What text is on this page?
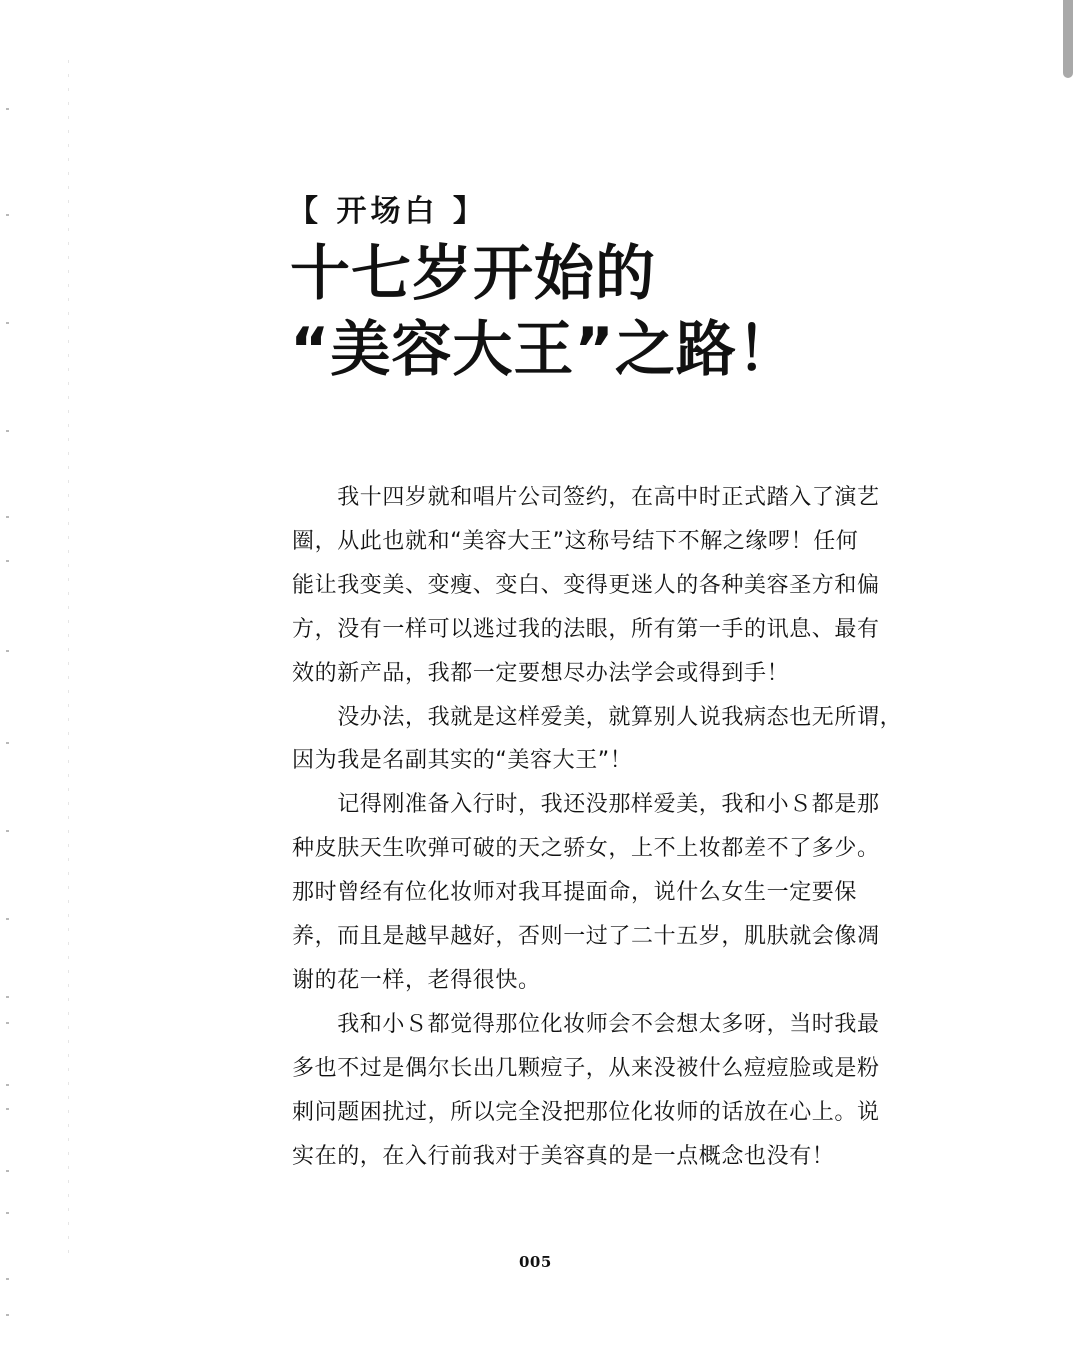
【 开场白 】
十七岁开始的
“美容大王”之路！
　　我十四岁就和唱片公司签约，在高中时正式踏入了演艺
圈，从此也就和“美容大王”这称号结下不解之缘啰！任何
能让我变美、变瘦、变白、变得更迷人的各种美容圣方和偏
方，没有一样可以逃过我的法眼，所有第一手的讯息、最有
效的新产品，我都一定要想尽办法学会或得到手！
　　没办法，我就是这样爱美，就算别人说我病态也无所谓，
因为我是名副其实的“美容大王”！
　　记得刚准备入行时，我还没那样爱美，我和小Ｓ都是那
种皮肤天生吹弹可破的天之骄女，上不上妆都差不了多少。
那时曾经有位化妆师对我耳提面命，说什么女生一定要保
养，而且是越早越好，否则一过了二十五岁，肌肤就会像凋
谢的花一样，老得很快。
　　我和小Ｓ都觉得那位化妆师会不会想太多呀，当时我最
多也不过是偶尔长出几颗痘子，从来没被什么痘痘脸或是粉
刺问题困扰过，所以完全没把那位化妆师的话放在心上。说
实在的，在入行前我对于美容真的是一点概念也没有！
005
